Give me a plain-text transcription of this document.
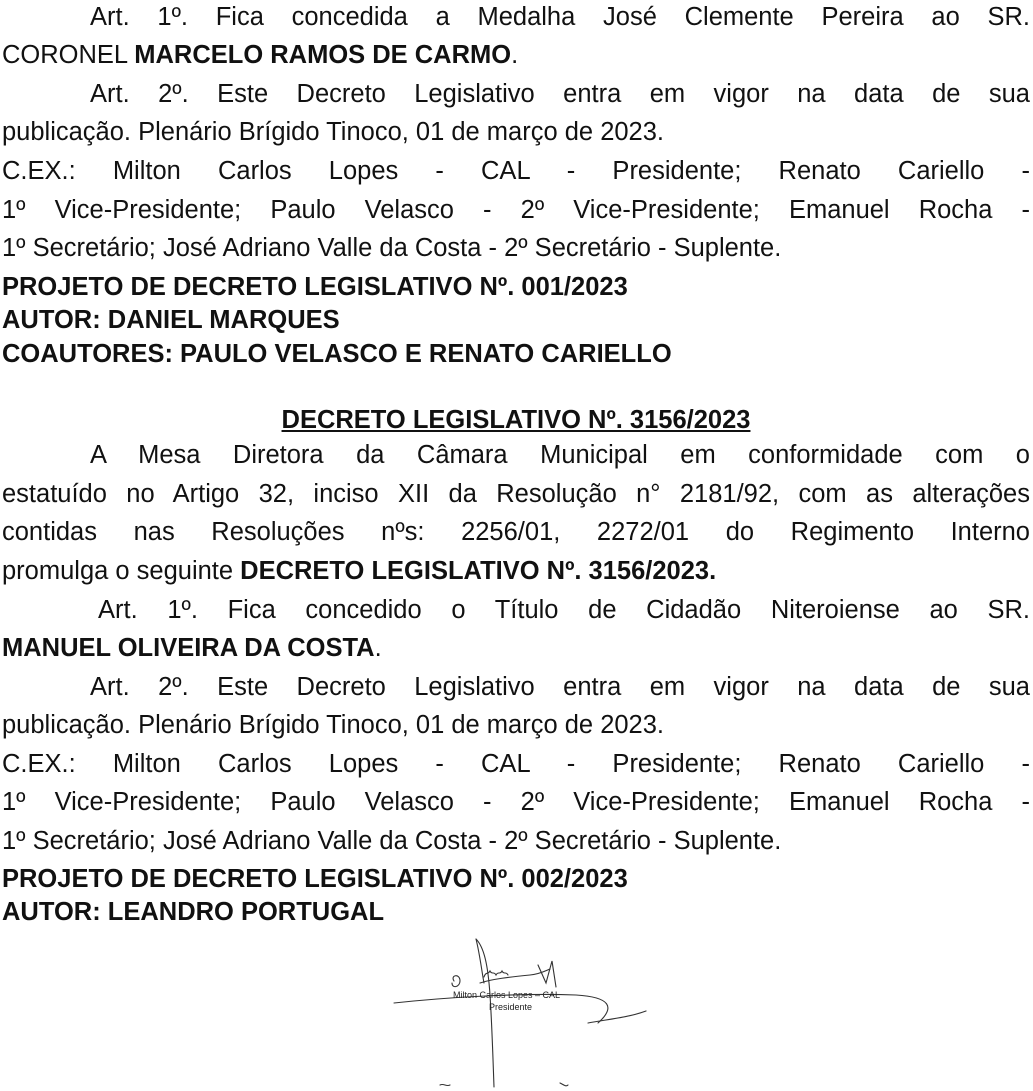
Art. 1º. Fica concedida a Medalha José Clemente Pereira ao SR.
CORONEL MARCELO RAMOS DE CARMO.
Art. 2º. Este Decreto Legislativo entra em vigor na data de sua
publicação. Plenário Brígido Tinoco, 01 de março de 2023.
C.EX.: Milton Carlos Lopes - CAL - Presidente; Renato Cariello -
1º Vice-Presidente; Paulo Velasco - 2º Vice-Presidente; Emanuel Rocha -
1º Secretário; José Adriano Valle da Costa - 2º Secretário - Suplente.
PROJETO DE DECRETO LEGISLATIVO Nº. 001/2023
AUTOR: DANIEL MARQUES
COAUTORES: PAULO VELASCO E RENATO CARIELLO
DECRETO LEGISLATIVO Nº. 3156/2023
A Mesa Diretora da Câmara Municipal em conformidade com o
estatuído no Artigo 32, inciso XII da Resolução n° 2181/92, com as alterações
contidas nas Resoluções nºs: 2256/01, 2272/01 do Regimento Interno
promulga o seguinte DECRETO LEGISLATIVO Nº. 3156/2023.
Art. 1º. Fica concedido o Título de Cidadão Niteroiense ao SR.
MANUEL OLIVEIRA DA COSTA.
Art. 2º. Este Decreto Legislativo entra em vigor na data de sua
publicação. Plenário Brígido Tinoco, 01 de março de 2023.
C.EX.: Milton Carlos Lopes - CAL - Presidente; Renato Cariello -
1º Vice-Presidente; Paulo Velasco - 2º Vice-Presidente; Emanuel Rocha -
1º Secretário; José Adriano Valle da Costa - 2º Secretário - Suplente.
PROJETO DE DECRETO LEGISLATIVO Nº. 002/2023
AUTOR: LEANDRO PORTUGAL
Milton Carlos Lopes – CAL
Presidente
